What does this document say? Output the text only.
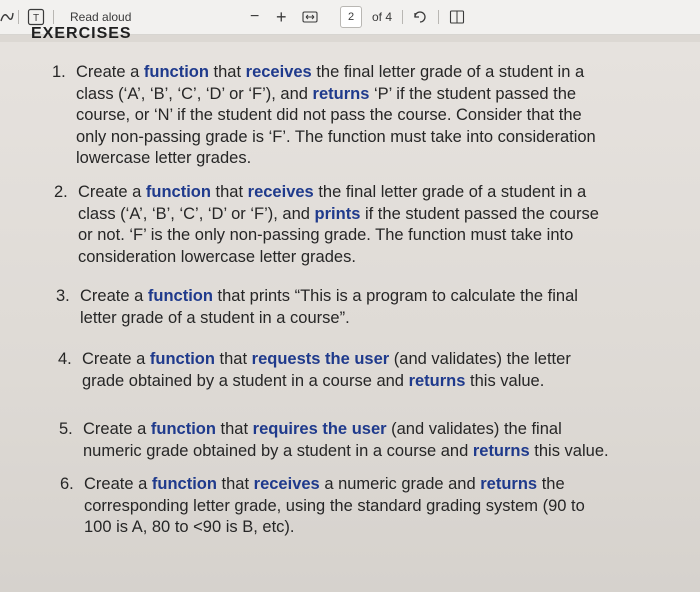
T	Read aloud	− +	2 of 4
EXERCISES
1. Create a function that receives the final letter grade of a student in a
class (‘A’, ‘B’, ‘C’, ‘D’ or ‘F’), and returns ‘P’ if the student passed the
course, or ‘N’ if the student did not pass the course. Consider that the
only non-passing grade is ‘F’. The function must take into consideration
lowercase letter grades.
2. Create a function that receives the final letter grade of a student in a
class (‘A’, ‘B’, ‘C’, ‘D’ or ‘F’), and prints if the student passed the course
or not. ‘F’ is the only non-passing grade. The function must take into
consideration lowercase letter grades.
3. Create a function that prints “This is a program to calculate the final
letter grade of a student in a course”.
4. Create a function that requests the user (and validates) the letter
grade obtained by a student in a course and returns this value.
5. Create a function that requires the user (and validates) the final
numeric grade obtained by a student in a course and returns this value.
6. Create a function that receives a numeric grade and returns the
corresponding letter grade, using the standard grading system (90 to
100 is A, 80 to <90 is B, etc).
